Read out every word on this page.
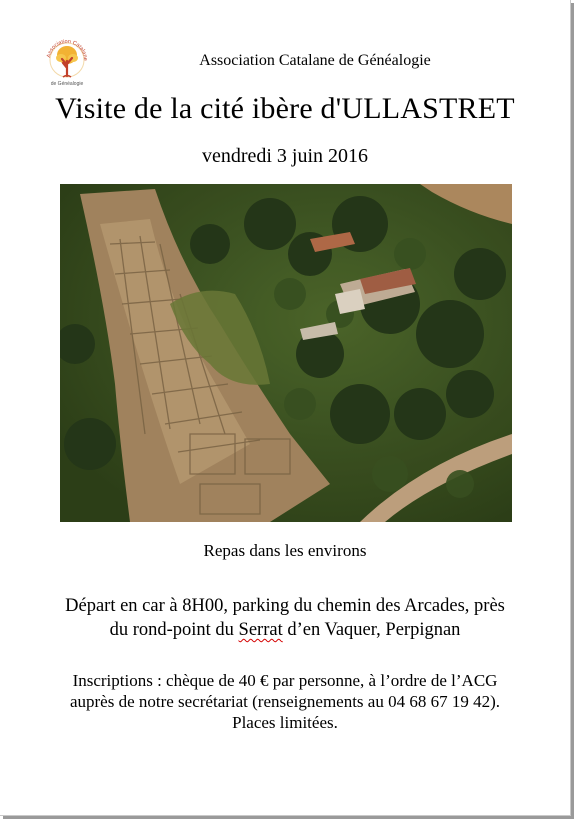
Association Catalane
de Généalogie
Association Catalane de Généalogie
Visite de la cité ibère d'ULLASTRET
vendredi 3 juin 2016
Repas dans les environs
Départ en car à 8H00, parking du chemin des Arcades, près
du rond-point du Serrat d’en Vaquer, Perpignan
Inscriptions : chèque de 40 € par personne, à l’ordre de l’ACG
auprès de notre secrétariat (renseignements au 04 68 67 19 42).
Places limitées.
